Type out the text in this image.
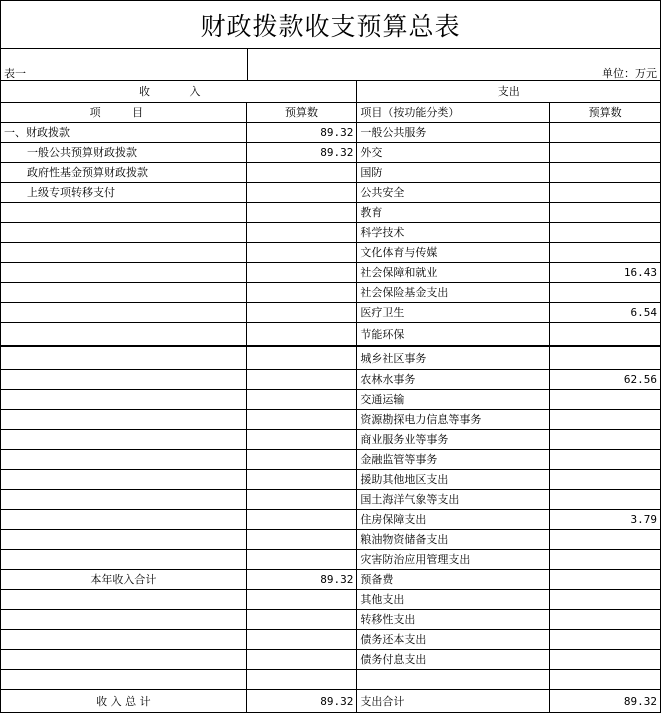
财政拨款收支预算总表
表一	单位：万元
收 入		支出	
项 目	预算数	项目（按功能分类）	预算数
一、财政拨款	89.32	一般公共服务	
一般公共预算财政拨款	89.32	外交	
政府性基金预算财政拨款		国防	
上级专项转移支付		公共安全	
		教育	
		科学技术	
		文化体育与传媒	
		社会保障和就业	16.43
		社会保险基金支出	
		医疗卫生	6.54
		节能环保	
		城乡社区事务	
		农林水事务	62.56
		交通运输	
		资源勘探电力信息等事务	
		商业服务业等事务	
		金融监管等事务	
		援助其他地区支出	
		国土海洋气象等支出	
		住房保障支出	3.79
		粮油物资储备支出	
		灾害防治应用管理支出	
本年收入合计	89.32	预备费	
		其他支出	
		转移性支出	
		债务还本支出	
		债务付息支出	

收 入 总 计	89.32	支出合计	89.32
